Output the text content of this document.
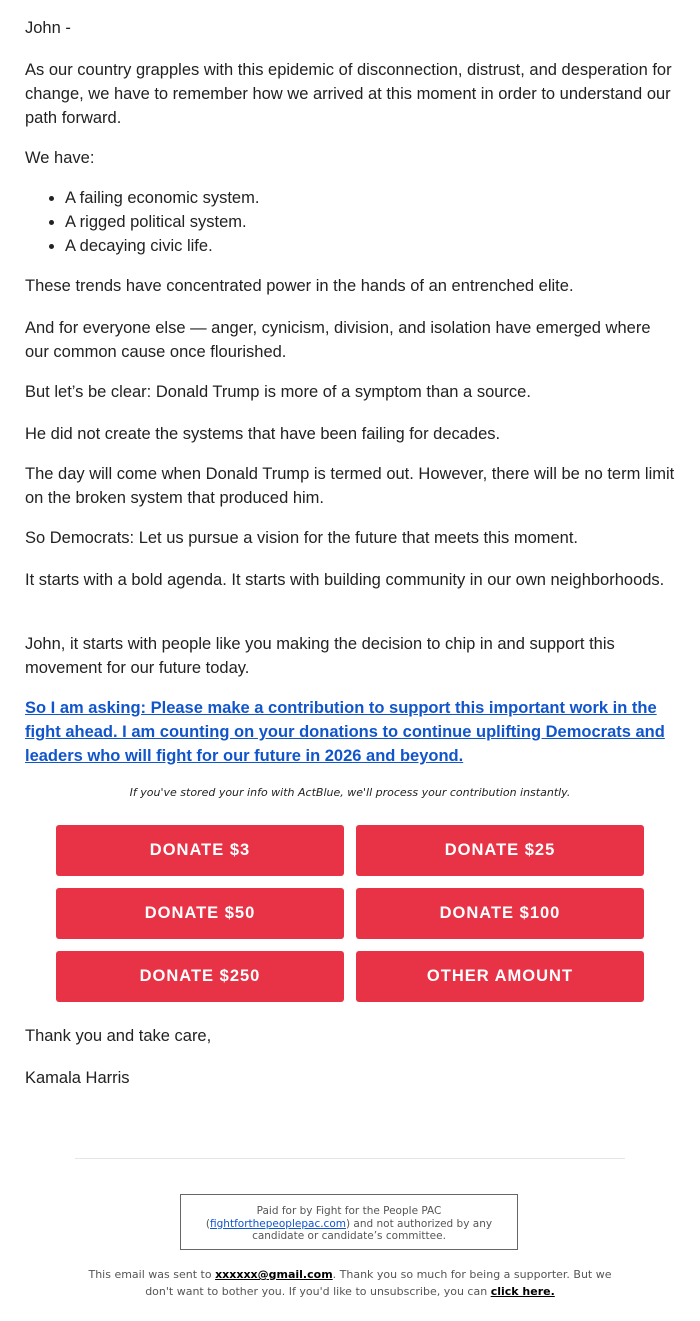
John -

As our country grapples with this epidemic of disconnection, distrust, and desperation for change, we have to remember how we arrived at this moment in order to understand our path forward.

We have:

• A failing economic system.
• A rigged political system.
• A decaying civic life.

These trends have concentrated power in the hands of an entrenched elite.

And for everyone else — anger, cynicism, division, and isolation have emerged where our common cause once flourished.

But let’s be clear: Donald Trump is more of a symptom than a source.

He did not create the systems that have been failing for decades.

The day will come when Donald Trump is termed out. However, there will be no term limit on the broken system that produced him.

So Democrats: Let us pursue a vision for the future that meets this moment.

It starts with a bold agenda. It starts with building community in our own neighborhoods.

John, it starts with people like you making the decision to chip in and support this movement for our future today.

So I am asking: Please make a contribution to support this important work in the fight ahead. I am counting on your donations to continue uplifting Democrats and leaders who will fight for our future in 2026 and beyond.
If you've stored your info with ActBlue, we'll process your contribution instantly.
DONATE $3	DONATE $25
DONATE $50	DONATE $100
DONATE $250	OTHER AMOUNT

Thank you and take care,

Kamala Harris

Paid for by Fight for the People PAC
(fightforthepeoplepac.com) and not authorized by any candidate or candidate’s committee.
This email was sent to xxxxxx@gmail.com. Thank you so much for being a supporter. But we don't want to bother you. If you'd like to unsubscribe, you can click here.
